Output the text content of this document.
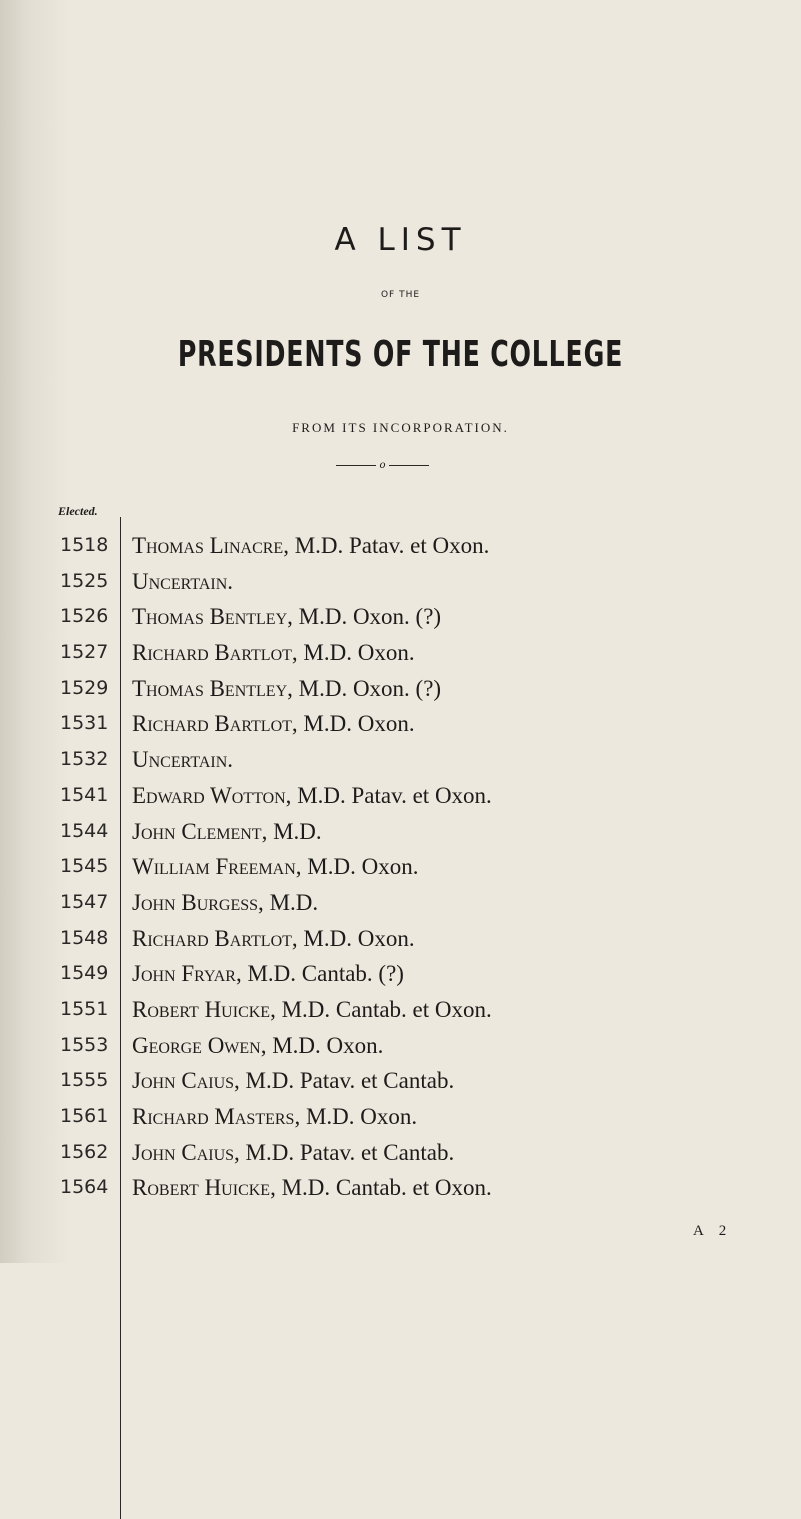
A LIST
OF THE
PRESIDENTS OF THE COLLEGE
FROM ITS INCORPORATION.
o
Elected.
1518
1525
1526
1527
1529
1531
1532
1541
1544
1545
1547
1548
1549
1551
1553
1555
1561
1562
1564
Thomas Linacre, M.D. Patav. et Oxon.
Uncertain.
Thomas Bentley, M.D. Oxon. (?)
Richard Bartlot, M.D. Oxon.
Thomas Bentley, M.D. Oxon. (?)
Richard Bartlot, M.D. Oxon.
Uncertain.
Edward Wotton, M.D. Patav. et Oxon.
John Clement, M.D.
William Freeman, M.D. Oxon.
John Burgess, M.D.
Richard Bartlot, M.D. Oxon.
John Fryar, M.D. Cantab. (?)
Robert Huicke, M.D. Cantab. et Oxon.
George Owen, M.D. Oxon.
John Caius, M.D. Patav. et Cantab.
Richard Masters, M.D. Oxon.
John Caius, M.D. Patav. et Cantab.
Robert Huicke, M.D. Cantab. et Oxon.
A 2
